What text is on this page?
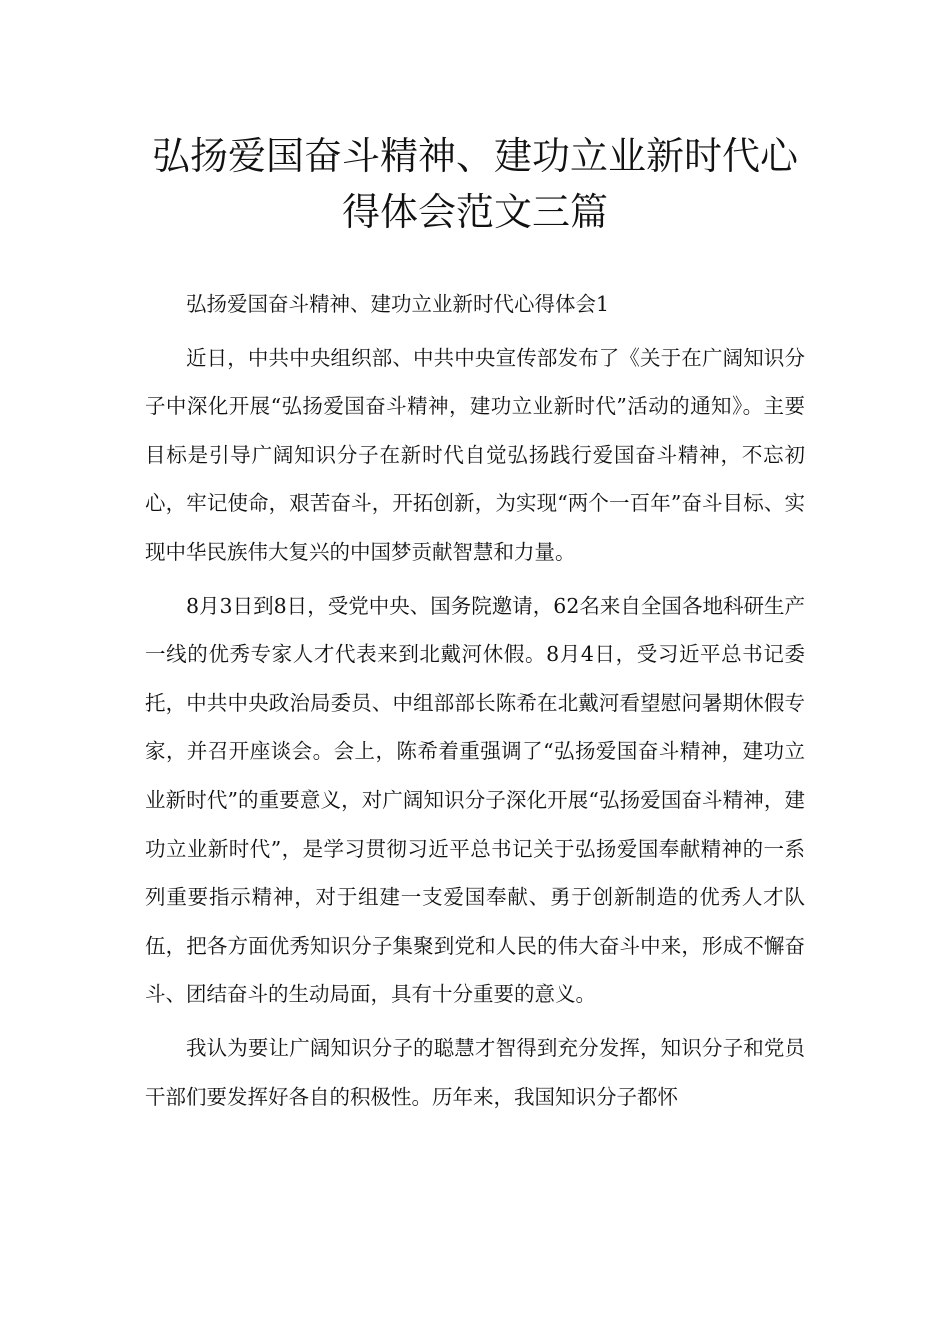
弘扬爱国奋斗精神、建功立业新时代心
得体会范文三篇

弘扬爱国奋斗精神、建功立业新时代心得体会1

近日，中共中央组织部、中共中央宣传部发布了《关于在广阔知识分子中深化开展“弘扬爱国奋斗精神，建功立业新时代”活动的通知》。主要目标是引导广阔知识分子在新时代自觉弘扬践行爱国奋斗精神，不忘初心，牢记使命，艰苦奋斗，开拓创新，为实现“两个一百年”奋斗目标、实现中华民族伟大复兴的中国梦贡献智慧和力量。

8月3日到8日，受党中央、国务院邀请，62名来自全国各地科研生产一线的优秀专家人才代表来到北戴河休假。8月4日，受习近平总书记委托，中共中央政治局委员、中组部部长陈希在北戴河看望慰问暑期休假专家，并召开座谈会。会上，陈希着重强调了“弘扬爱国奋斗精神，建功立业新时代”的重要意义，对广阔知识分子深化开展“弘扬爱国奋斗精神，建功立业新时代”，是学习贯彻习近平总书记关于弘扬爱国奉献精神的一系列重要指示精神，对于组建一支爱国奉献、勇于创新制造的优秀人才队伍，把各方面优秀知识分子集聚到党和人民的伟大奋斗中来，形成不懈奋斗、团结奋斗的生动局面，具有十分重要的意义。

我认为要让广阔知识分子的聪慧才智得到充分发挥，知识分子和党员干部们要发挥好各自的积极性。历年来，我国知识分子都怀
